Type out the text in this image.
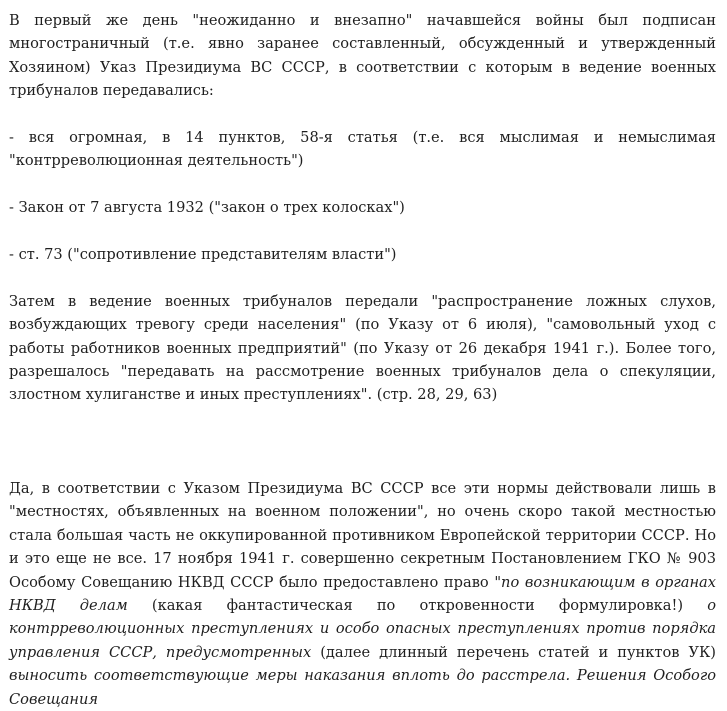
В первый же день "неожиданно и внезапно" начавшейся войны был подписан многостраничный (т.е. явно заранее составленный, обсужденный и утвержденный Хозяином) Указ Президиума ВС СССР, в соответствии с которым в ведение военных трибуналов передавались:

- вся огромная, в 14 пунктов, 58-я статья (т.е. вся мыслимая и немыслимая "контрреволюционная деятельность")

- Закон от 7 августа 1932 ("закон о трех колосках")

- ст. 73 ("сопротивление представителям власти")

Затем в ведение военных трибуналов передали "распространение ложных слухов, возбуждающих тревогу среди населения" (по Указу от 6 июля), "самовольный уход с работы работников военных предприятий" (по Указу от 26 декабря 1941 г.). Более того, разрешалось "передавать на рассмотрение военных трибуналов дела о спекуляции, злостном хулиганстве и иных преступлениях". (стр. 28, 29, 63)

Да, в соответствии с Указом Президиума ВС СССР все эти нормы действовали лишь в "местностях, объявленных на военном положении", но очень скоро такой местностью стала большая часть не оккупированной противником Европейской территории СССР. Но и это еще не все. 17 ноября 1941 г. совершенно секретным Постановлением ГКО № 903 Особому Совещанию НКВД СССР было предоставлено право "по возникающим в органах НКВД делам (какая фантастическая по откровенности формулировка!) о контрреволюционных преступлениях и особо опасных преступлениях против порядка управления СССР, предусмотренных (далее длинный перечень статей и пунктов УК) выносить соответствующие меры наказания вплоть до расстрела. Решения Особого Совещания
